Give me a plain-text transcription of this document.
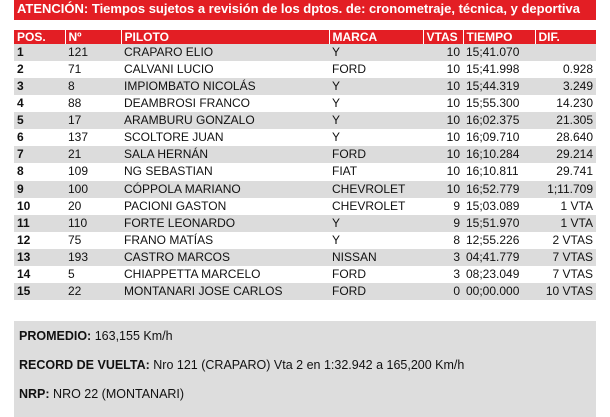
ATENCIÓN: Tiempos sujetos a revisión de los dptos. de: cronometraje, técnica, y deportiva
POS.	Nº	PILOTO	MARCA	VTAS	TIEMPO	DIF.
1	121	CRAPARO ELIO	Y	10	15;41.070	
2	71	CALVANI LUCIO	FORD	10	15;41.998	0.928
3	8	IMPIOMBATO NICOLÁS	Y	10	15;44.319	3.249
4	88	DEAMBROSI FRANCO	Y	10	15;55.300	14.230
5	17	ARAMBURU GONZALO	Y	10	16;02.375	21.305
6	137	SCOLTORE JUAN	Y	10	16;09.710	28.640
7	21	SALA HERNÁN	FORD	10	16;10.284	29.214
8	109	NG SEBASTIAN	FIAT	10	16;10.811	29.741
9	100	CÓPPOLA MARIANO	CHEVROLET	10	16;52.779	1;11.709
10	20	PACIONI GASTON	CHEVROLET	9	15;03.089	1 VTA
11	110	FORTE LEONARDO	Y	9	15;51.970	1 VTA
12	75	FRANO MATÍAS	Y	8	12;55.226	2 VTAS
13	193	CASTRO MARCOS	NISSAN	3	04;41.779	7 VTAS
14	5	CHIAPPETTA MARCELO	FORD	3	08;23.049	7 VTAS
15	22	MONTANARI JOSE CARLOS	FORD	0	00;00.000	10 VTAS
PROMEDIO: 163,155 Km/h
RECORD DE VUELTA: Nro 121 (CRAPARO) Vta 2 en 1:32.942 a 165,200 Km/h
NRP: NRO 22 (MONTANARI)
